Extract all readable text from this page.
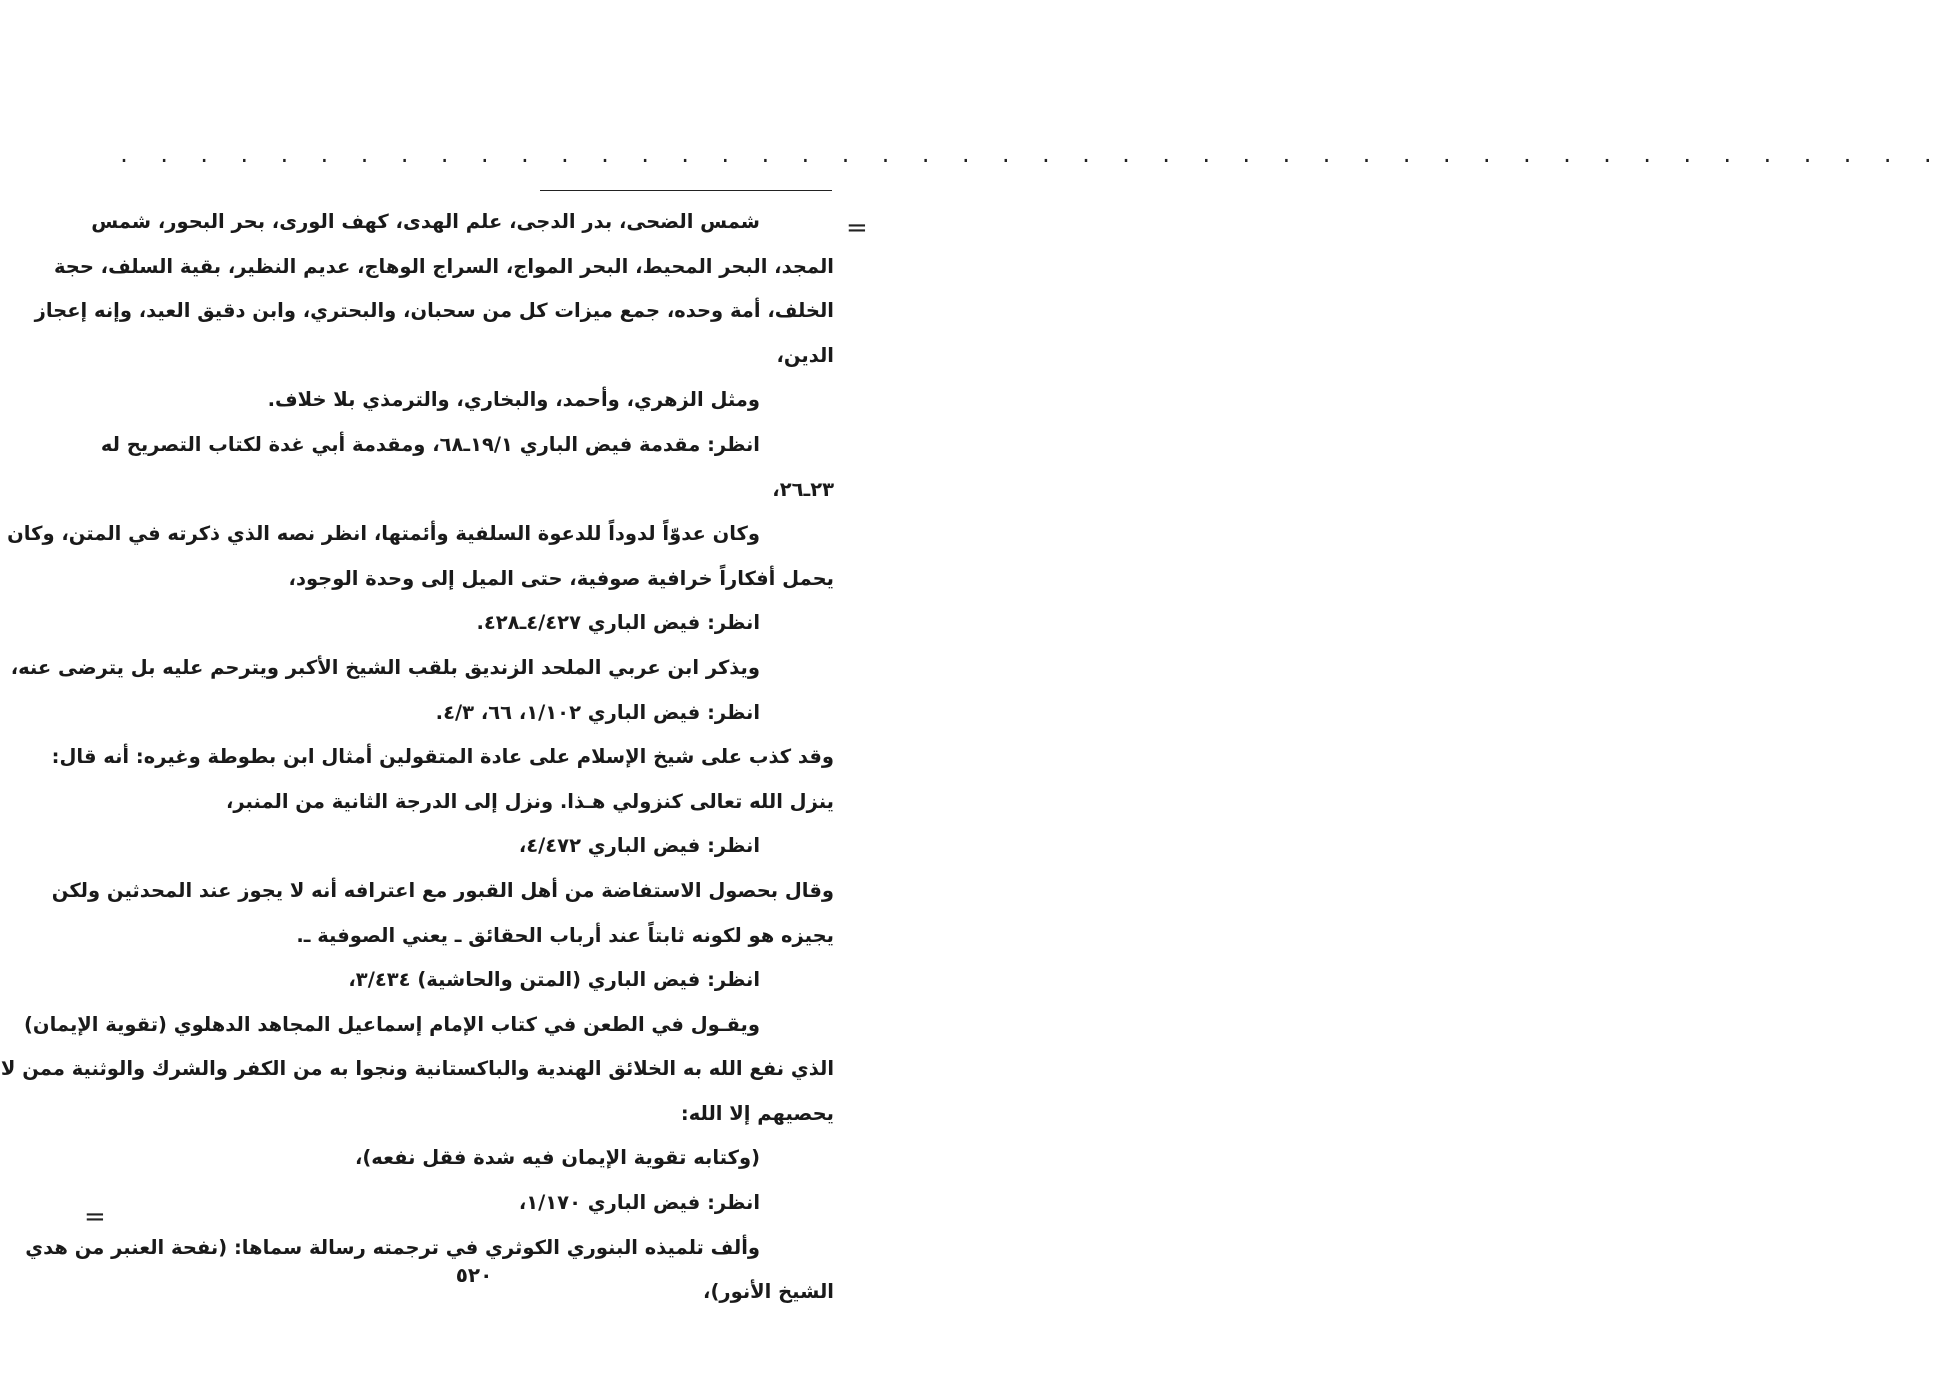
. . . . . . . . . . . . . . . . . . . . . . . . . . . . . . . . . . . . . . . . . . . . . .
=
=
شمس الضحى، بدر الدجى، علم الهدى، كهف الورى، بحر البحور، شمس
المجد، البحر المحيط، البحر المواج، السراج الوهاج، عديم النظير، بقية السلف، حجة
الخلف، أمة وحده، جمع ميزات كل من سحبان، والبحتري، وابن دقيق العيد، وإنه إعجاز
الدين،
ومثل الزهري، وأحمد، والبخاري، والترمذي بلا خلاف.
انظر: مقدمة فيض الباري ١٩/١ـ٦٨، ومقدمة أبي غدة لكتاب التصريح له
٢٣ـ٢٦،
وكان عدوّاً لدوداً للدعوة السلفية وأئمتها، انظر نصه الذي ذكرته في المتن، وكان
يحمل أفكاراً خرافية صوفية، حتى الميل إلى وحدة الوجود،
انظر: فيض الباري ٤/٤٢٧ـ٤٢٨.
ويذكر ابن عربي الملحد الزنديق بلقب الشيخ الأكبر ويترحم عليه بل يترضى عنه،
انظر: فيض الباري ١/١٠٢، ٦٦، ٤/٣.
وقد كذب على شيخ الإسلام على عادة المتقولين أمثال ابن بطوطة وغيره: أنه قال:
ينزل الله تعالى كنزولي هـذا. ونزل إلى الدرجة الثانية من المنبر،
انظر: فيض الباري ٤/٤٧٢،
وقال بحصول الاستفاضة من أهل القبور مع اعترافه أنه لا يجوز عند المحدثين ولكن
يجيزه هو لكونه ثابتاً عند أرباب الحقائق ـ يعني الصوفية ـ.
انظر: فيض الباري (المتن والحاشية) ٣/٤٣٤،
ويقـول في الطعن في كتاب الإمام إسماعيل المجاهد الدهلوي (تقوية الإيمان)
الذي نفع الله به الخلائق الهندية والباكستانية ونجوا به من الكفر والشرك والوثنية ممن لا
يحصيهم إلا الله:
(وكتابه تقوية الإيمان فيه شدة فقل نفعه)،
انظر: فيض الباري ١/١٧٠،
وألف تلميذه البنوري الكوثري في ترجمته رسالة سماها: (نفحة العنبر من هدي
الشيخ الأنور)،
٥٢٠
